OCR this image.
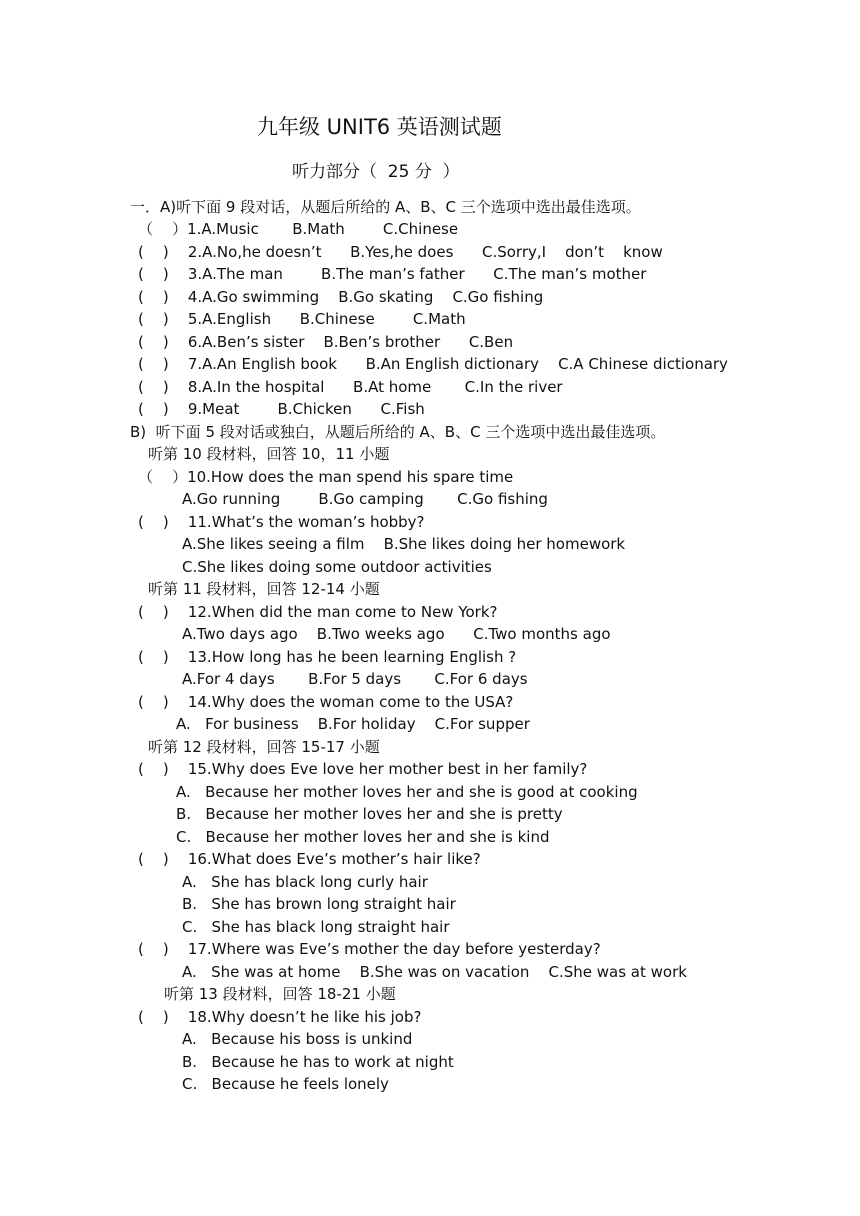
九年级 UNIT6 英语测试题
听力部分（  25 分  ）
一．A)听下面 9 段对话，从题后所给的 A、B、C 三个选项中选出最佳选项。
（    ）1.A.Music       B.Math        C.Chinese
(    )    2.A.No,he doesn’t      B.Yes,he does      C.Sorry,I    don’t    know
(    )    3.A.The man        B.The man’s father      C.The man’s mother
(    )    4.A.Go swimming    B.Go skating    C.Go fishing
(    )    5.A.English      B.Chinese        C.Math
(    )    6.A.Ben’s sister    B.Ben’s brother      C.Ben
(    )    7.A.An English book      B.An English dictionary    C.A Chinese dictionary
(    )    8.A.In the hospital      B.At home       C.In the river
(    )    9.Meat        B.Chicken      C.Fish
B)  听下面 5 段对话或独白，从题后所给的 A、B、C 三个选项中选出最佳选项。
听第 10 段材料，回答 10，11 小题
（    ）10.How does the man spend his spare time
A.Go running        B.Go camping       C.Go fishing
(    )    11.What’s the woman’s hobby?
A.She likes seeing a film    B.She likes doing her homework
C.She likes doing some outdoor activities
听第 11 段材料，回答 12-14 小题
(    )    12.When did the man come to New York?
A.Two days ago    B.Two weeks ago      C.Two months ago
(    )    13.How long has he been learning English ?
A.For 4 days       B.For 5 days       C.For 6 days
(    )    14.Why does the woman come to the USA?
A.   For business    B.For holiday    C.For supper
听第 12 段材料，回答 15-17 小题
(    )    15.Why does Eve love her mother best in her family?
A.   Because her mother loves her and she is good at cooking
B.   Because her mother loves her and she is pretty
C.   Because her mother loves her and she is kind
(    )    16.What does Eve’s mother’s hair like?
A.   She has black long curly hair
B.   She has brown long straight hair
C.   She has black long straight hair
(    )    17.Where was Eve’s mother the day before yesterday?
A.   She was at home    B.She was on vacation    C.She was at work
听第 13 段材料，回答 18-21 小题
(    )    18.Why doesn’t he like his job?
A.   Because his boss is unkind
B.   Because he has to work at night
C.   Because he feels lonely
